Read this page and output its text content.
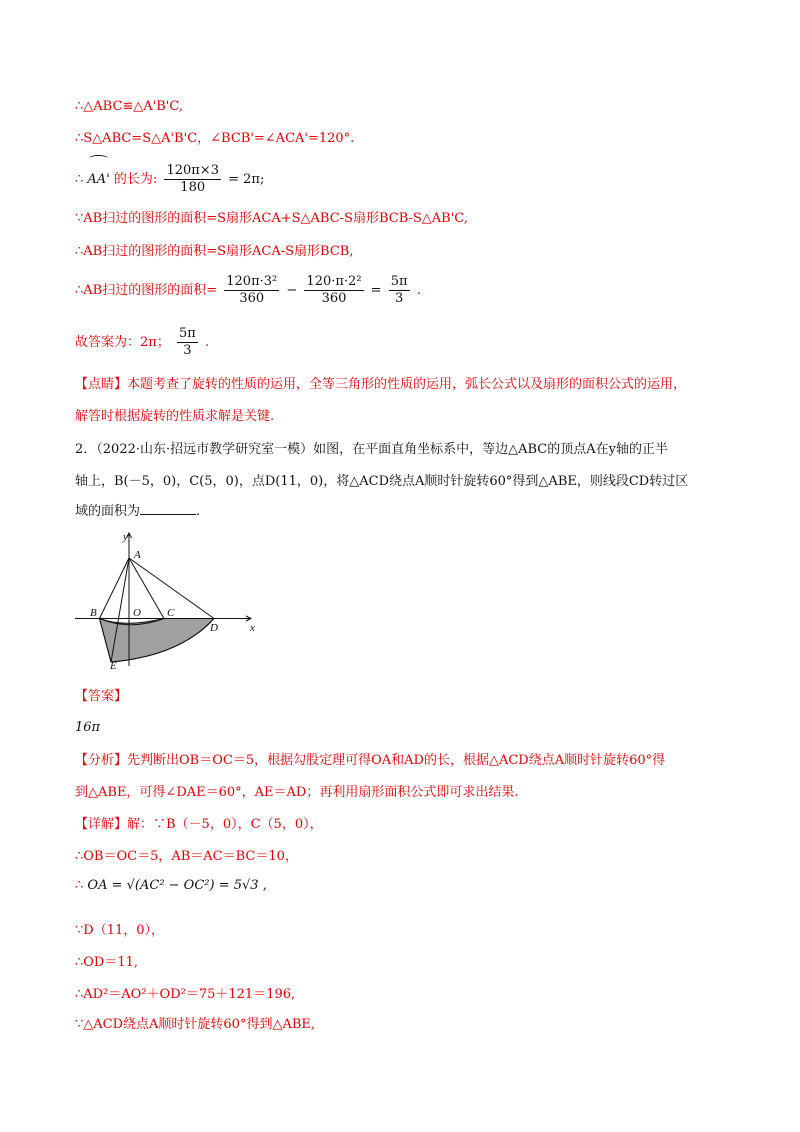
∴△ABC≌△A'B'C,
∴S△ABC=S△A'B'C，∠BCB'=∠ACA'=120°.
∴ AA' 的长为: $\frac{120\pi\times 3}{180} = 2\pi$;
∵AB扫过的图形的面积=S扇形ACA+S△ABC-S扇形BCB-S△AB'C,
∴AB扫过的图形的面积=S扇形ACA-S扇形BCB,
∴AB扫过的图形的面积= $\frac{\text{120π·3²}}{360} - \frac{\text{120·π·2²}}{360} = \frac{5\pi}{3}$ .
故答案为：2π； $\frac{5\pi}{3}$ .
【点睛】本题考查了旋转的性质的运用，全等三角形的性质的运用，弧长公式以及扇形的面积公式的运用，
解答时根据旋转的性质求解是关键.
2．（2022·山东·招远市教学研究室一模）如图，在平面直角坐标系中，等边△ABC的顶点A在y轴的正半
轴上，B(－5，0)，C(5，0)，点D(11，0)，将△ACD绕点A顺时针旋转60°得到△ABE，则线段CD转过区
域的面积为	.
y
x
A
B	O C
D
E
【答案】
16π
【分析】先判断出OB＝OC＝5，根据勾股定理可得OA和AD的长，根据△ACD绕点A顺时针旋转60°得
到△ABE，可得∠DAE＝60°，AE＝AD；再利用扇形面积公式即可求出结果.
【详解】解：∵B（－5，0），C（5，0），
∴OB＝OC＝5，AB＝AC＝BC＝10，
∴ OA = √(AC² − OC²) = 5√3 ,
∵D（11，0），
∴OD＝11,
∴AD²＝AO²＋OD²＝75＋121＝196,
∵△ACD绕点A顺时针旋转60°得到△ABE,
